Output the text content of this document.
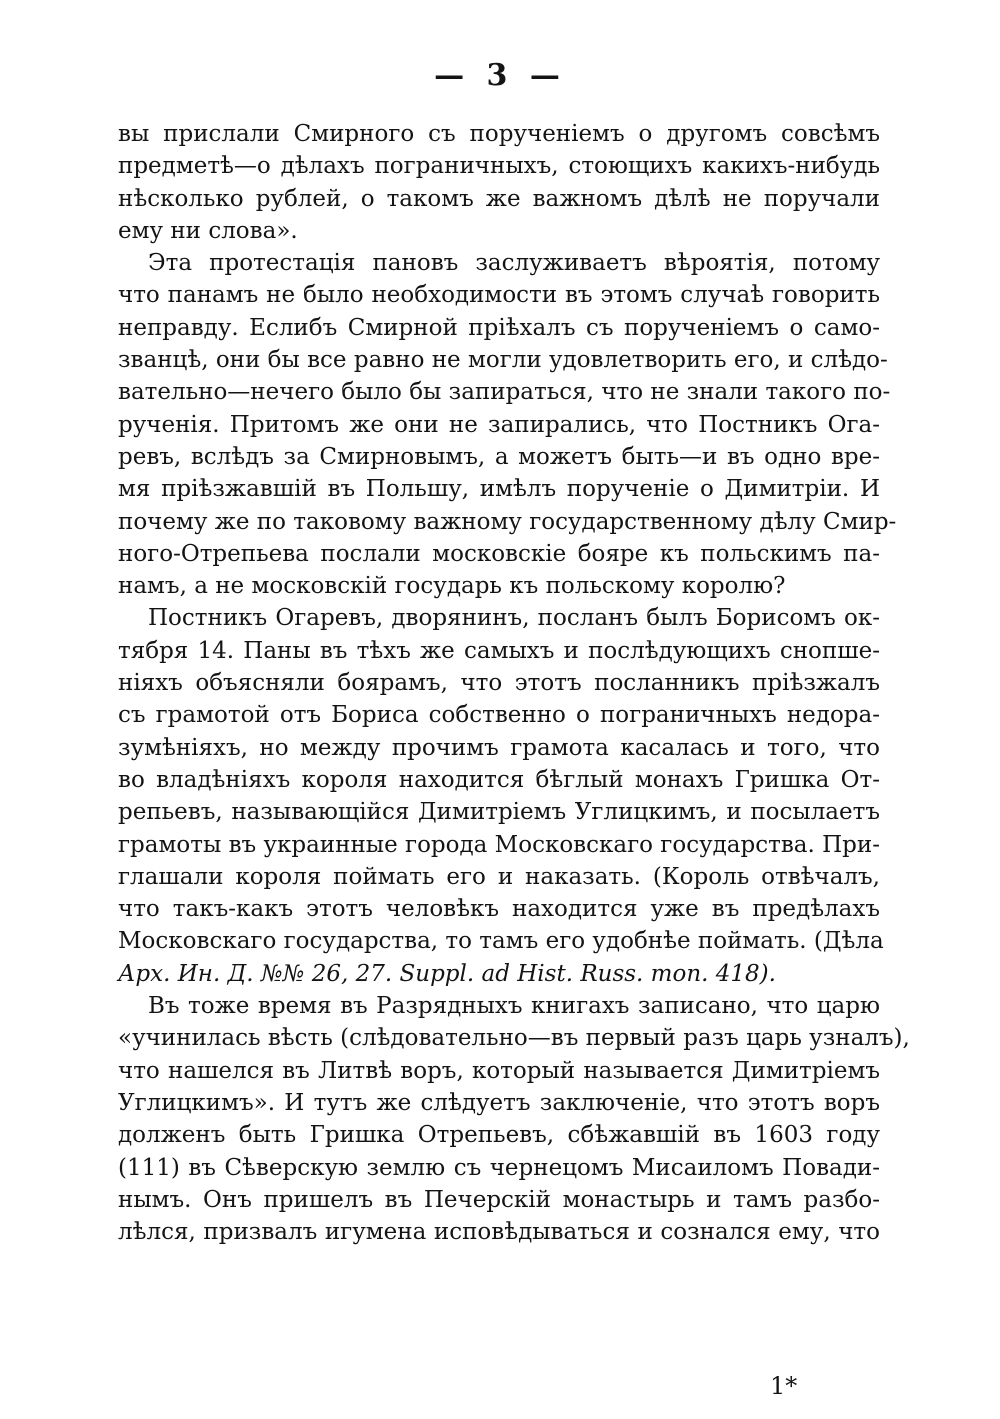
— 3 —
вы прислали Смирного съ порученіемъ о другомъ совсѣмъ
предметѣ—о дѣлахъ пограничныхъ, стоющихъ какихъ-нибудь
нѣсколько рублей, о такомъ же важномъ дѣлѣ не поручали
ему ни слова».
Эта протестація пановъ заслуживаетъ вѣроятія, потому
что панамъ не было необходимости въ этомъ случаѣ говорить
неправду. Еслибъ Смирной пріѣхалъ съ порученіемъ о само-
званцѣ, они бы все равно не могли удовлетворить его, и слѣдо-
вательно—нечего было бы запираться, что не знали такого по-
рученія. Притомъ же они не запирались, что Постникъ Ога-
ревъ, вслѣдъ за Смирновымъ, а можетъ быть—и въ одно вре-
мя пріѣзжавшій въ Польшу, имѣлъ порученіе о Димитріи. И
почему же по таковому важному государственному дѣлу Смир-
ного-Отрепьева послали московскіе бояре къ польскимъ па-
намъ, а не московскій государь къ польскому королю?
Постникъ Огаревъ, дворянинъ, посланъ былъ Борисомъ ок-
тября 14. Паны въ тѣхъ же самыхъ и послѣдующихъ снопше-
ніяхъ объясняли боярамъ, что этотъ посланникъ пріѣзжалъ
съ грамотой отъ Бориса собственно о пограничныхъ недора-
зумѣніяхъ, но между прочимъ грамота касалась и того, что
во владѣніяхъ короля находится бѣглый монахъ Гришка От-
репьевъ, называющійся Димитріемъ Углицкимъ, и посылаетъ
грамоты въ украинные города Московскаго государства. При-
глашали короля поймать его и наказать. (Король отвѣчалъ,
что такъ-какъ этотъ человѣкъ находится уже въ предѣлахъ
Московскаго государства, то тамъ его удобнѣе поймать. (Дѣла
Арх. Ин. Д. №№ 26, 27. Suppl. ad Hist. Russ. mon. 418).
Въ тоже время въ Разрядныхъ книгахъ записано, что царю
«учинилась вѣсть (слѣдовательно—въ первый разъ царь узналъ),
что нашелся въ Литвѣ воръ, который называется Димитріемъ
Углицкимъ». И тутъ же слѣдуетъ заключеніе, что этотъ воръ
долженъ быть Гришка Отрепьевъ, сбѣжавшій въ 1603 году
(111) въ Сѣверскую землю съ чернецомъ Мисаиломъ Повади-
нымъ. Онъ пришелъ въ Печерскій монастырь и тамъ разбо-
лѣлся, призвалъ игумена исповѣдываться и сознался ему, что
1*
